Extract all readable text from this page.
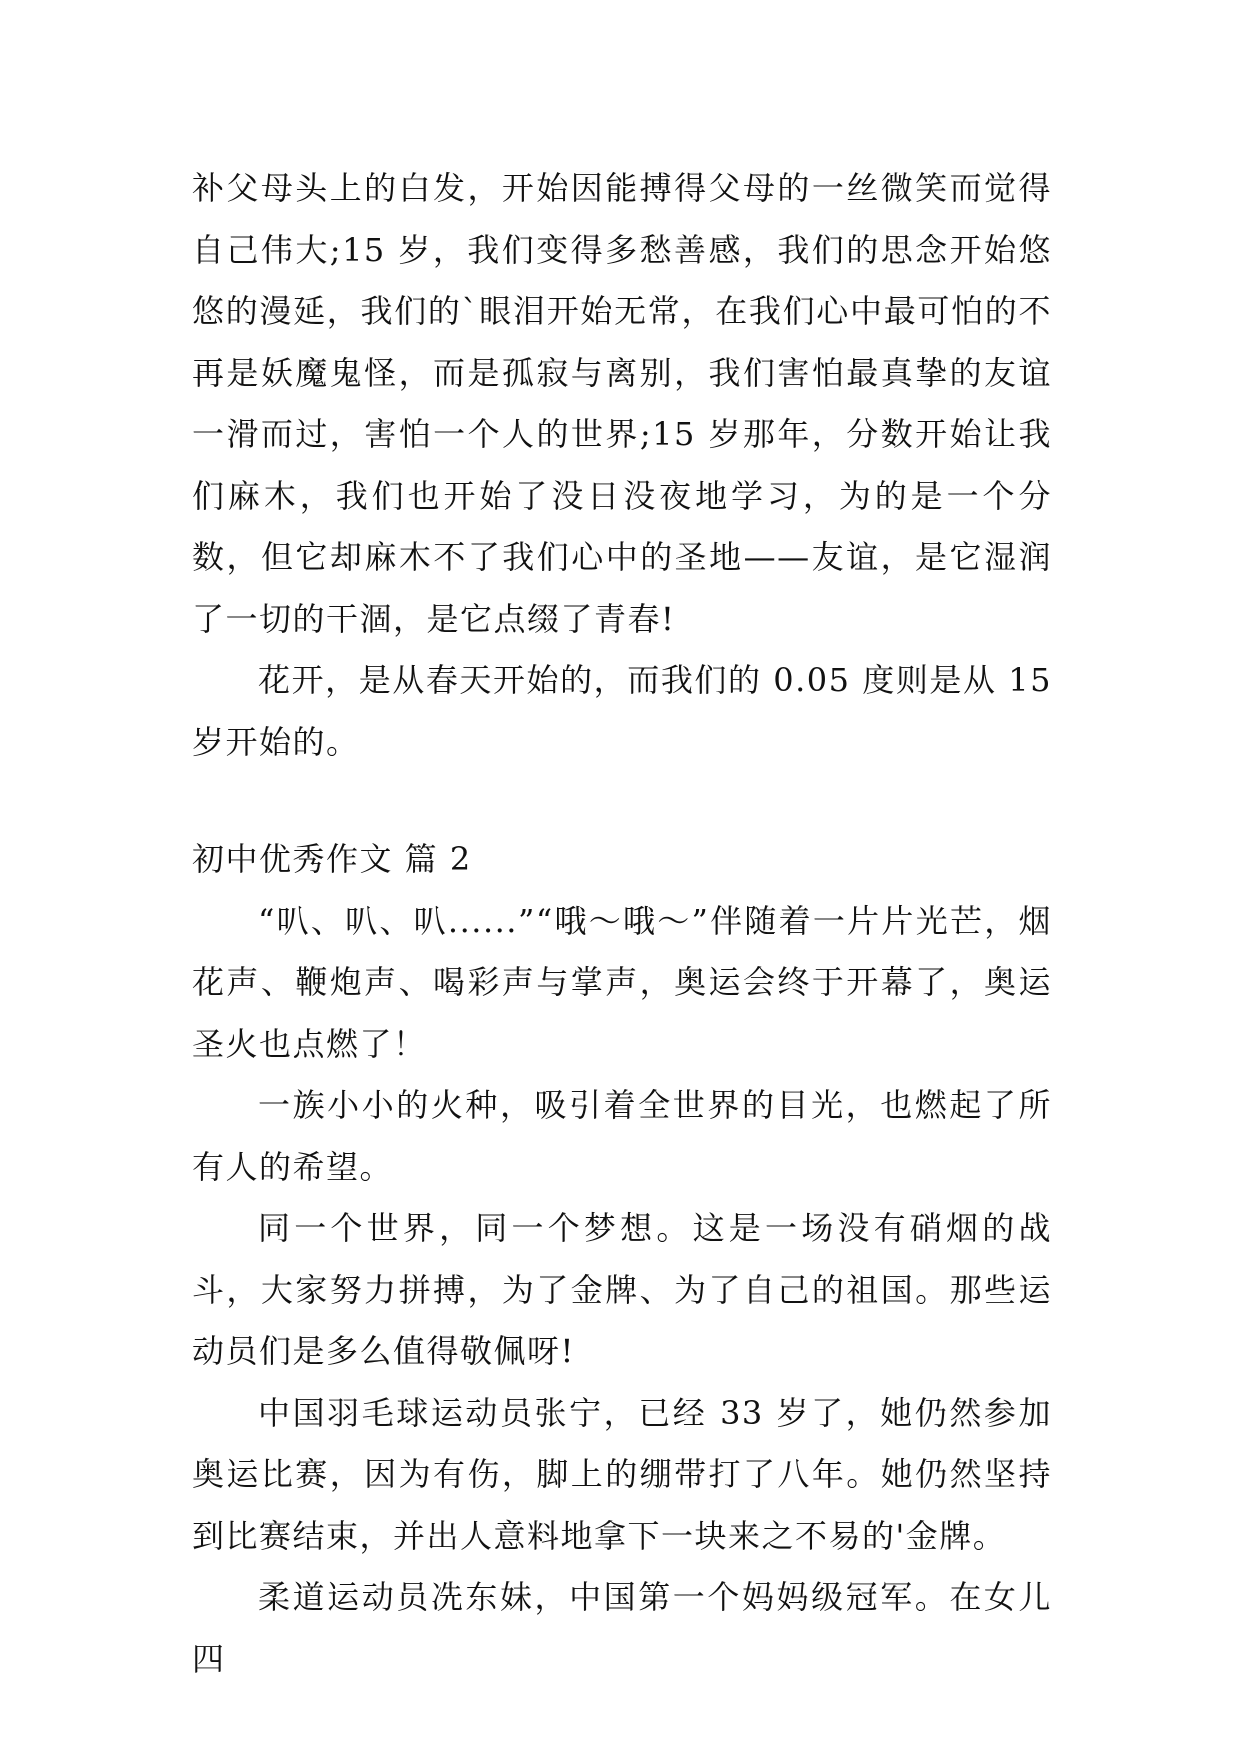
补父母头上的白发，开始因能搏得父母的一丝微笑而觉得自己伟大;15 岁，我们变得多愁善感，我们的思念开始悠悠的漫延，我们的`眼泪开始无常，在我们心中最可怕的不再是妖魔鬼怪，而是孤寂与离别，我们害怕最真挚的友谊一滑而过，害怕一个人的世界;15 岁那年，分数开始让我们麻木，我们也开始了没日没夜地学习，为的是一个分数，但它却麻木不了我们心中的圣地——友谊，是它湿润了一切的干涸，是它点缀了青春!

花开，是从春天开始的，而我们的 0.05 度则是从 15 岁开始的。

初中优秀作文 篇 2

“叭、叭、叭......”“哦～哦～”伴随着一片片光芒，烟花声、鞭炮声、喝彩声与掌声，奥运会终于开幕了，奥运圣火也点燃了！

一族小小的火种，吸引着全世界的目光，也燃起了所有人的希望。

同一个世界，同一个梦想。这是一场没有硝烟的战斗，大家努力拼搏，为了金牌、为了自己的祖国。那些运动员们是多么值得敬佩呀!

中国羽毛球运动员张宁，已经 33 岁了，她仍然参加奥运比赛，因为有伤，脚上的绷带打了八年。她仍然坚持到比赛结束，并出人意料地拿下一块来之不易的'金牌。

柔道运动员冼东妹，中国第一个妈妈级冠军。在女儿四
